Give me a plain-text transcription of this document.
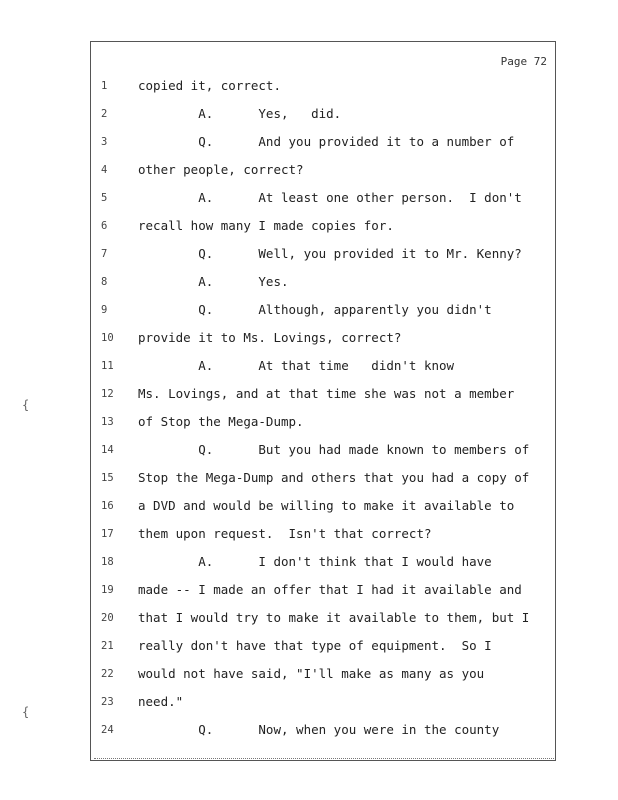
Page 72
1	copied it, correct.
2	A.      Yes,   did.
3	Q.      And you provided it to a number of
4	other people, correct?
5	A.      At least one other person.  I don't
6	recall how many I made copies for.
7	Q.      Well, you provided it to Mr. Kenny?
8	A.      Yes.
9	Q.      Although, apparently you didn't
10	provide it to Ms. Lovings, correct?
11	A.      At that time   didn't know
12	Ms. Lovings, and at that time she was not a member
13	of Stop the Mega-Dump.
14	Q.      But you had made known to members of
15	Stop the Mega-Dump and others that you had a copy of
16	a DVD and would be willing to make it available to
17	them upon request.  Isn't that correct?
18	A.      I don't think that I would have
19	made -- I made an offer that I had it available and
20	that I would try to make it available to them, but I
21	really don't have that type of equipment.  So I
22	would not have said, "I'll make as many as you
23	need."
24	Q.      Now, when you were in the county
{
{
